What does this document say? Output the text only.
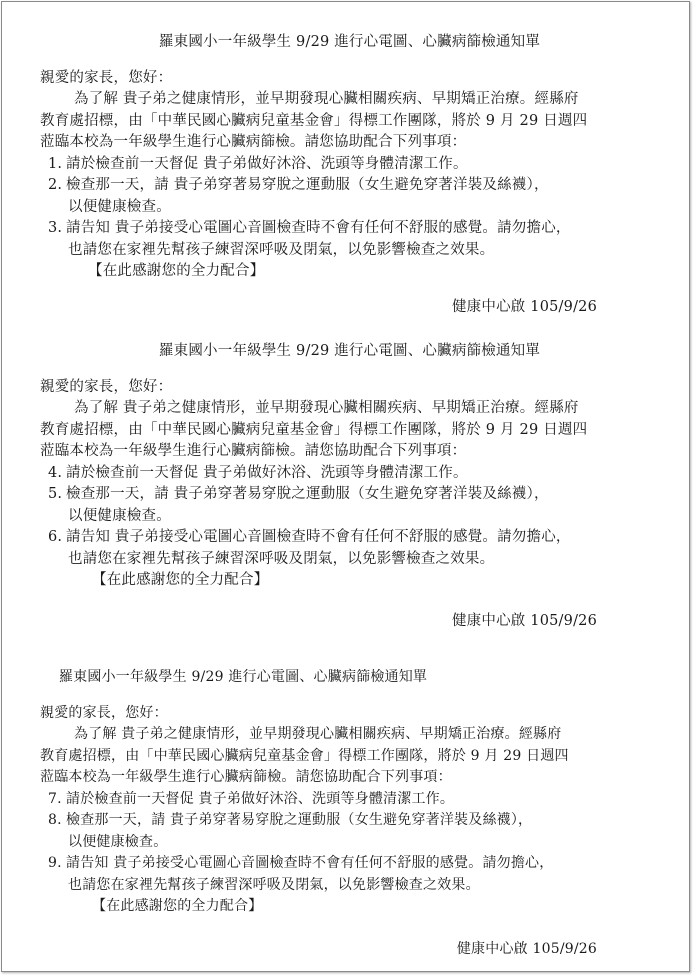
羅東國小一年級學生 9/29 進行心電圖、心臟病篩檢通知單
親愛的家長，您好：
為了解 貴子弟之健康情形，並早期發現心臟相關疾病、早期矯正治療。經縣府
教育處招標，由「中華民國心臟病兒童基金會」得標工作團隊，將於 9 月 29 日週四
蒞臨本校為一年級學生進行心臟病篩檢。請您協助配合下列事項：
1. 請於檢查前一天督促 貴子弟做好沐浴、洗頭等身體清潔工作。
2. 檢查那一天，請 貴子弟穿著易穿脫之運動服（女生避免穿著洋裝及絲襪），
以便健康檢查。
3. 請告知 貴子弟接受心電圖心音圖檢查時不會有任何不舒服的感覺。請勿擔心，
也請您在家裡先幫孩子練習深呼吸及閉氣，以免影響檢查之效果。
【在此感謝您的全力配合】
健康中心啟 105/9/26
羅東國小一年級學生 9/29 進行心電圖、心臟病篩檢通知單
親愛的家長，您好：
為了解 貴子弟之健康情形，並早期發現心臟相關疾病、早期矯正治療。經縣府
教育處招標，由「中華民國心臟病兒童基金會」得標工作團隊，將於 9 月 29 日週四
蒞臨本校為一年級學生進行心臟病篩檢。請您協助配合下列事項：
4. 請於檢查前一天督促 貴子弟做好沐浴、洗頭等身體清潔工作。
5. 檢查那一天，請 貴子弟穿著易穿脫之運動服（女生避免穿著洋裝及絲襪），
以便健康檢查。
6. 請告知 貴子弟接受心電圖心音圖檢查時不會有任何不舒服的感覺。請勿擔心，
也請您在家裡先幫孩子練習深呼吸及閉氣，以免影響檢查之效果。
【在此感謝您的全力配合】
健康中心啟 105/9/26
羅東國小一年級學生 9/29 進行心電圖、心臟病篩檢通知單
親愛的家長，您好：
為了解 貴子弟之健康情形，並早期發現心臟相關疾病、早期矯正治療。經縣府
教育處招標，由「中華民國心臟病兒童基金會」得標工作團隊，將於 9 月 29 日週四
蒞臨本校為一年級學生進行心臟病篩檢。請您協助配合下列事項：
7. 請於檢查前一天督促 貴子弟做好沐浴、洗頭等身體清潔工作。
8. 檢查那一天，請 貴子弟穿著易穿脫之運動服（女生避免穿著洋裝及絲襪），
以便健康檢查。
9. 請告知 貴子弟接受心電圖心音圖檢查時不會有任何不舒服的感覺。請勿擔心，
也請您在家裡先幫孩子練習深呼吸及閉氣，以免影響檢查之效果。
【在此感謝您的全力配合】
健康中心啟 105/9/26
